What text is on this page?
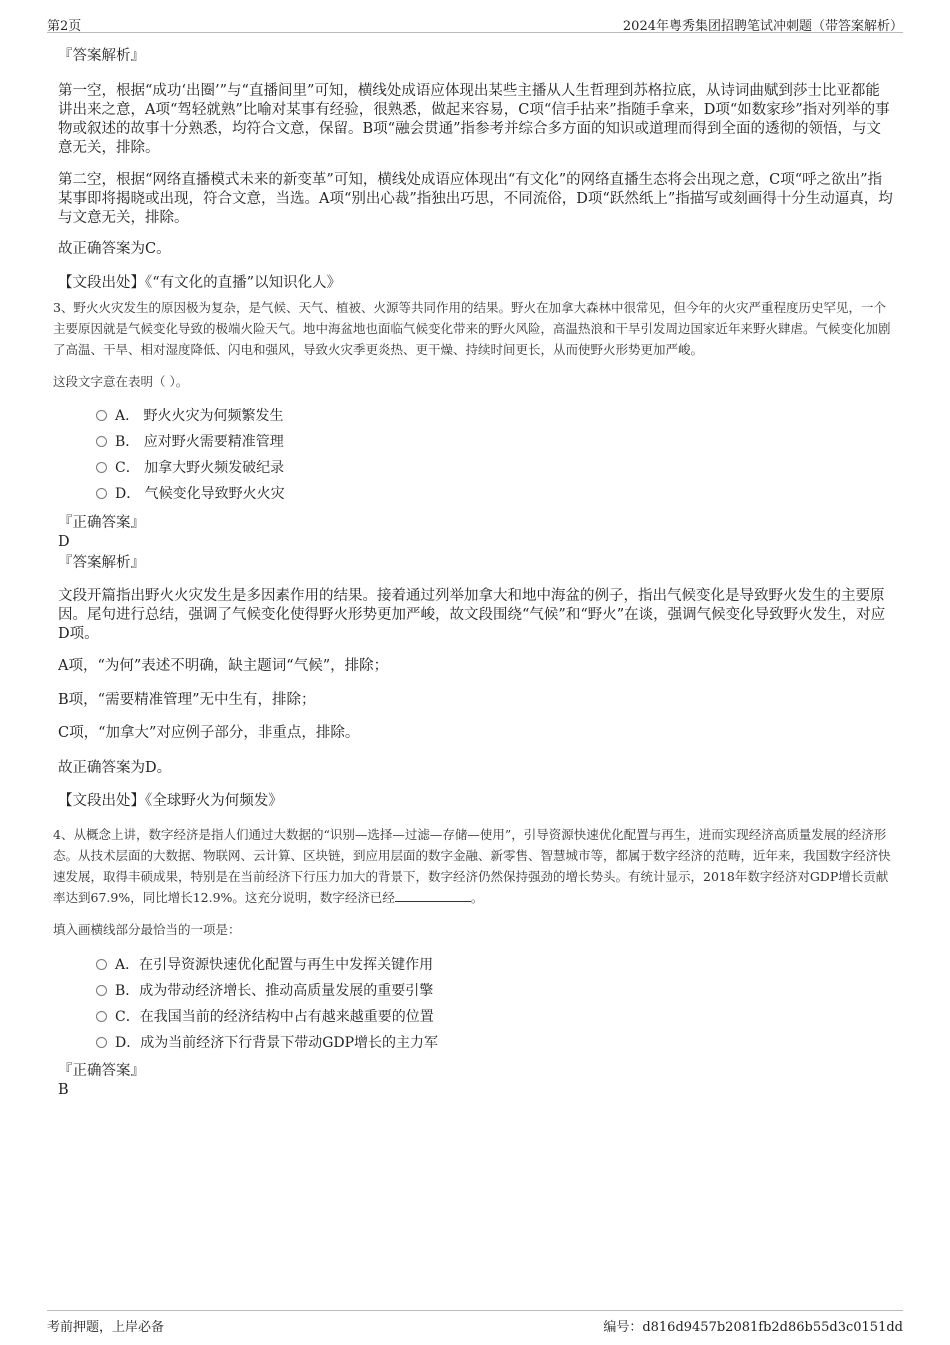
第2页	2024年粤秀集团招聘笔试冲刺题（带答案解析）
『答案解析』

第一空，根据“成功‘出圈’”与“直播间里”可知，横线处成语应体现出某些主播从人生哲理到苏格拉底，从诗词曲赋到莎士比亚都能讲出来之意，A项“驾轻就熟”比喻对某事有经验，很熟悉，做起来容易，C项“信手拈来”指随手拿来，D项“如数家珍”指对列举的事物或叙述的故事十分熟悉，均符合文意，保留。B项“融会贯通”指参考并综合多方面的知识或道理而得到全面的透彻的领悟，与文意无关，排除。

第二空，根据“网络直播模式未来的新变革”可知，横线处成语应体现出“有文化”的网络直播生态将会出现之意，C项“呼之欲出”指某事即将揭晓或出现，符合文意，当选。A项“别出心裁”指独出巧思，不同流俗，D项“跃然纸上”指描写或刻画得十分生动逼真，均与文意无关，排除。

故正确答案为C。

【文段出处】《“有文化的直播”以知识化人》

3、野火火灾发生的原因极为复杂，是气候、天气、植被、火源等共同作用的结果。野火在加拿大森林中很常见，但今年的火灾严重程度历史罕见，一个主要原因就是气候变化导致的极端火险天气。地中海盆地也面临气候变化带来的野火风险，高温热浪和干旱引发周边国家近年来野火肆虐。气候变化加剧了高温、干旱、相对湿度降低、闪电和强风，导致火灾季更炎热、更干燥、持续时间更长，从而使野火形势更加严峻。

这段文字意在表明（ ）。

A． 野火火灾为何频繁发生
B． 应对野火需要精准管理
C． 加拿大野火频发破纪录
D． 气候变化导致野火火灾
『正确答案』
D
『答案解析』

文段开篇指出野火火灾发生是多因素作用的结果。接着通过列举加拿大和地中海盆的例子，指出气候变化是导致野火发生的主要原因。尾句进行总结，强调了气候变化使得野火形势更加严峻，故文段围绕“气候”和“野火”在谈，强调气候变化导致野火发生，对应D项。

A项，“为何”表述不明确，缺主题词“气候”，排除；

B项，“需要精准管理”无中生有，排除；

C项，“加拿大”对应例子部分，非重点，排除。

故正确答案为D。

【文段出处】《全球野火为何频发》

4、从概念上讲，数字经济是指人们通过大数据的“识别—选择—过滤—存储—使用”，引导资源快速优化配置与再生，进而实现经济高质量发展的经济形态。从技术层面的大数据、物联网、云计算、区块链，到应用层面的数字金融、新零售、智慧城市等，都属于数字经济的范畴，近年来，我国数字经济快速发展，取得丰硕成果，特别是在当前经济下行压力加大的背景下，数字经济仍然保持强劲的增长势头。有统计显示，2018年数字经济对GDP增长贡献率达到67.9%，同比增长12.9%。这充分说明，数字经济已经	。

填入画横线部分最恰当的一项是：

A．在引导资源快速优化配置与再生中发挥关键作用
B．成为带动经济增长、推动高质量发展的重要引擎
C．在我国当前的经济结构中占有越来越重要的位置
D．成为当前经济下行背景下带动GDP增长的主力军
『正确答案』
B
考前押题，上岸必备	编号：d816d9457b2081fb2d86b55d3c0151dd
